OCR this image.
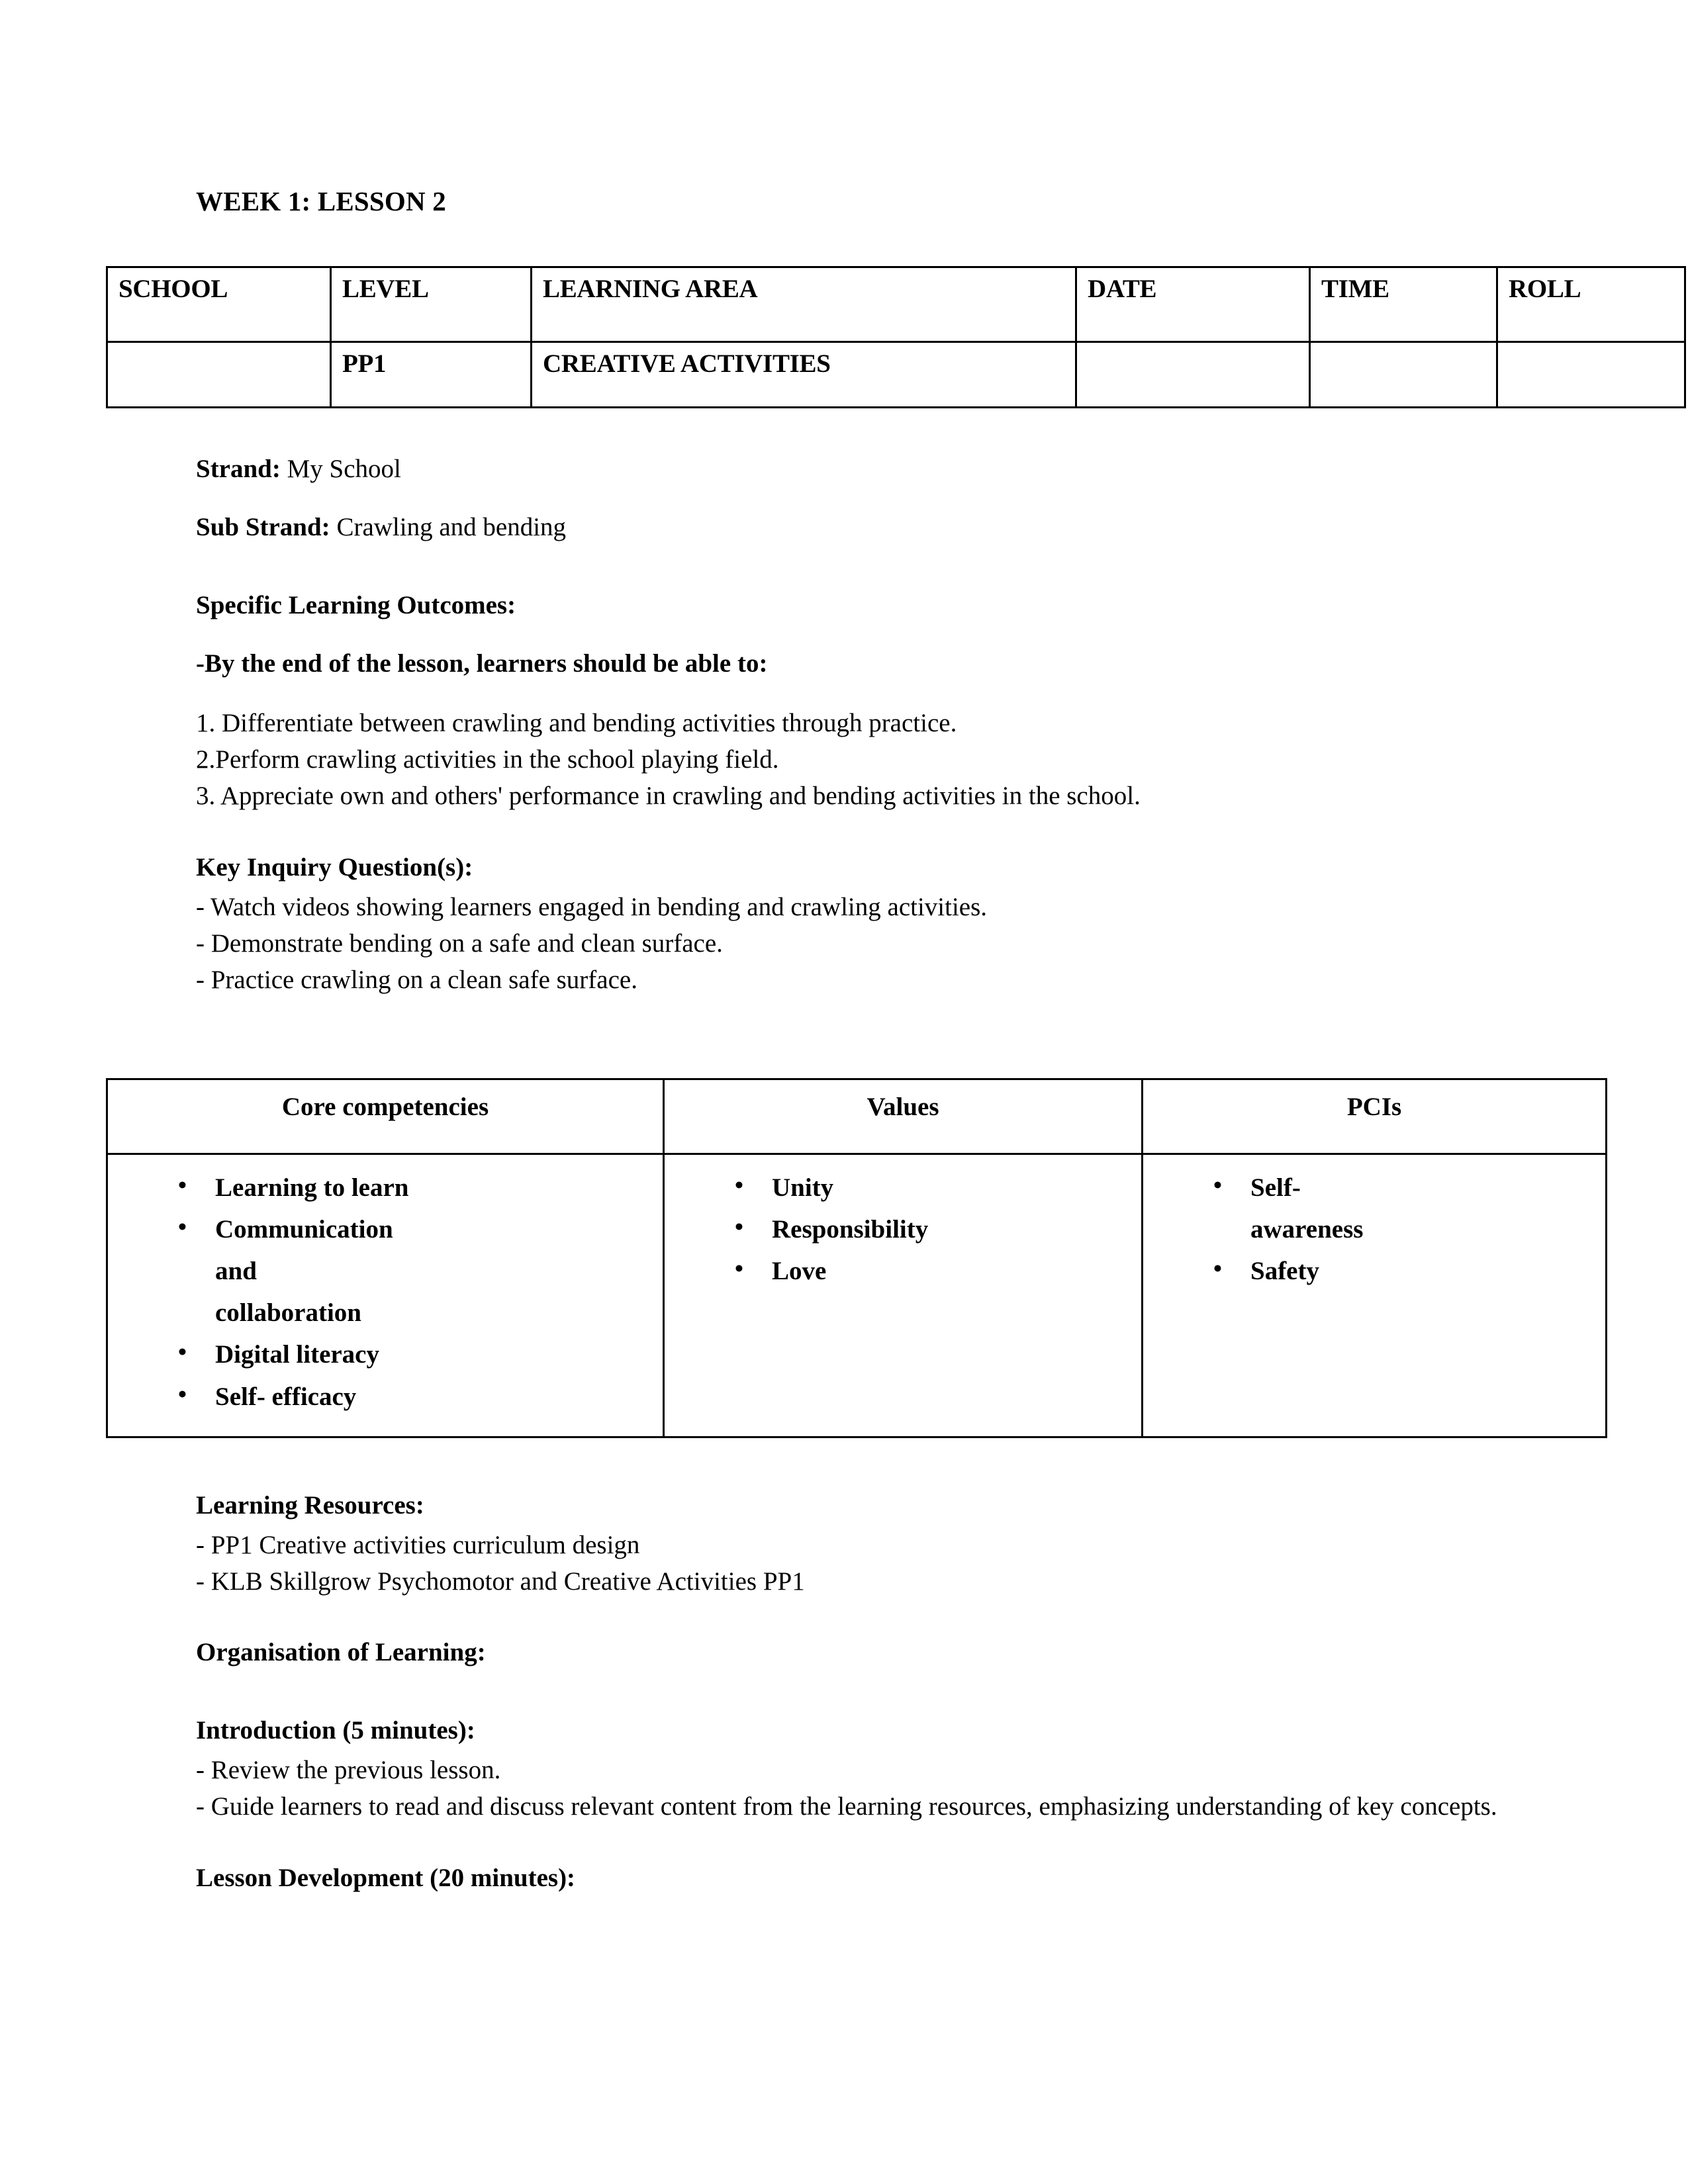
WEEK 1: LESSON 2
SCHOOL	LEVEL	LEARNING AREA	DATE	TIME	ROLL
	PP1	CREATIVE ACTIVITIES			
Strand: My School
Sub Strand: Crawling and bending
Specific Learning Outcomes:
-By the end of the lesson, learners should be able to:
1. Differentiate between crawling and bending activities through practice.
2.Perform crawling activities in the school playing field.
3. Appreciate own and others' performance in crawling and bending activities in the school.
Key Inquiry Question(s):
- Watch videos showing learners engaged in bending and crawling activities.
- Demonstrate bending on a safe and clean surface.
- Practice crawling on a clean safe surface.
Core competencies	Values	PCIs

• Learning to learn
• Communication and collaboration
• Digital literacy
• Self- efficacy

• Unity
• Responsibility
• Love

• Self-awareness
• Safety
Learning Resources:
- PP1 Creative activities curriculum design
- KLB Skillgrow Psychomotor and Creative Activities PP1
Organisation of Learning:
Introduction (5 minutes):
- Review the previous lesson.
- Guide learners to read and discuss relevant content from the learning resources, emphasizing understanding of key concepts.
Lesson Development (20 minutes):
